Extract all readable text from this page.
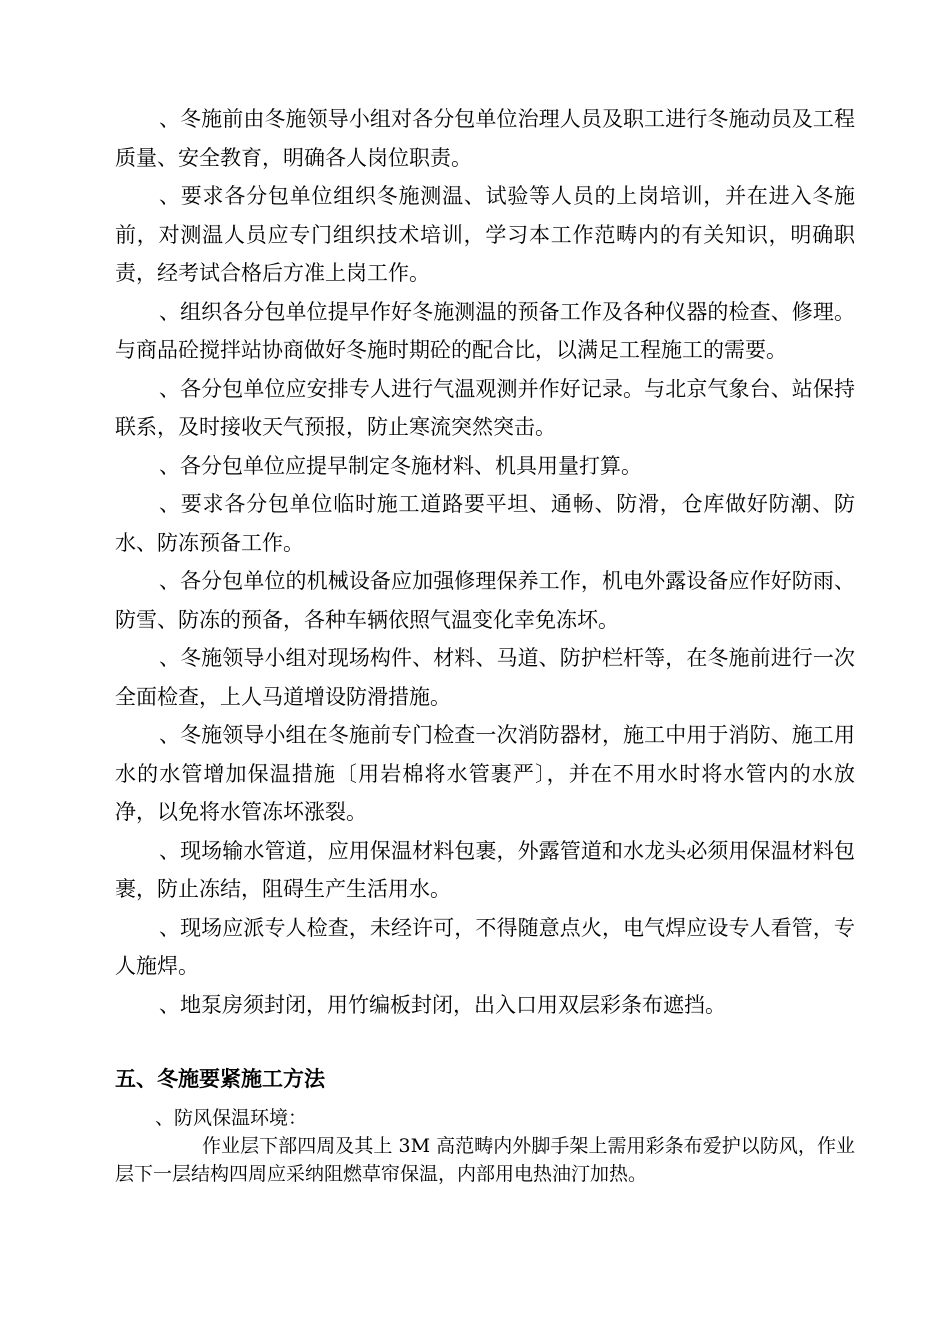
、冬施前由冬施领导小组对各分包单位治理人员及职工进行冬施动员及工程质量、安全教育，明确各人岗位职责。

、要求各分包单位组织冬施测温、试验等人员的上岗培训，并在进入冬施前，对测温人员应专门组织技术培训，学习本工作范畴内的有关知识，明确职责，经考试合格后方准上岗工作。

、组织各分包单位提早作好冬施测温的预备工作及各种仪器的检查、修理。与商品砼搅拌站协商做好冬施时期砼的配合比，以满足工程施工的需要。

、各分包单位应安排专人进行气温观测并作好记录。与北京气象台、站保持联系，及时接收天气预报，防止寒流突然突击。

、各分包单位应提早制定冬施材料、机具用量打算。

、要求各分包单位临时施工道路要平坦、通畅、防滑，仓库做好防潮、防水、防冻预备工作。

、各分包单位的机械设备应加强修理保养工作，机电外露设备应作好防雨、防雪、防冻的预备，各种车辆依照气温变化幸免冻坏。

、冬施领导小组对现场构件、材料、马道、防护栏杆等，在冬施前进行一次全面检查，上人马道增设防滑措施。

、冬施领导小组在冬施前专门检查一次消防器材，施工中用于消防、施工用水的水管增加保温措施〔用岩棉将水管裹严〕，并在不用水时将水管内的水放净，以免将水管冻坏涨裂。

、现场输水管道，应用保温材料包裹，外露管道和水龙头必须用保温材料包裹，防止冻结，阻碍生产生活用水。

、现场应派专人检查，未经许可，不得随意点火，电气焊应设专人看管，专人施焊。

、地泵房须封闭，用竹编板封闭，出入口用双层彩条布遮挡。

五、冬施要紧施工方法

、防风保温环境：

作业层下部四周及其上 3M 高范畴内外脚手架上需用彩条布爱护以防风，作业层下一层结构四周应采纳阻燃草帘保温，内部用电热油汀加热。
